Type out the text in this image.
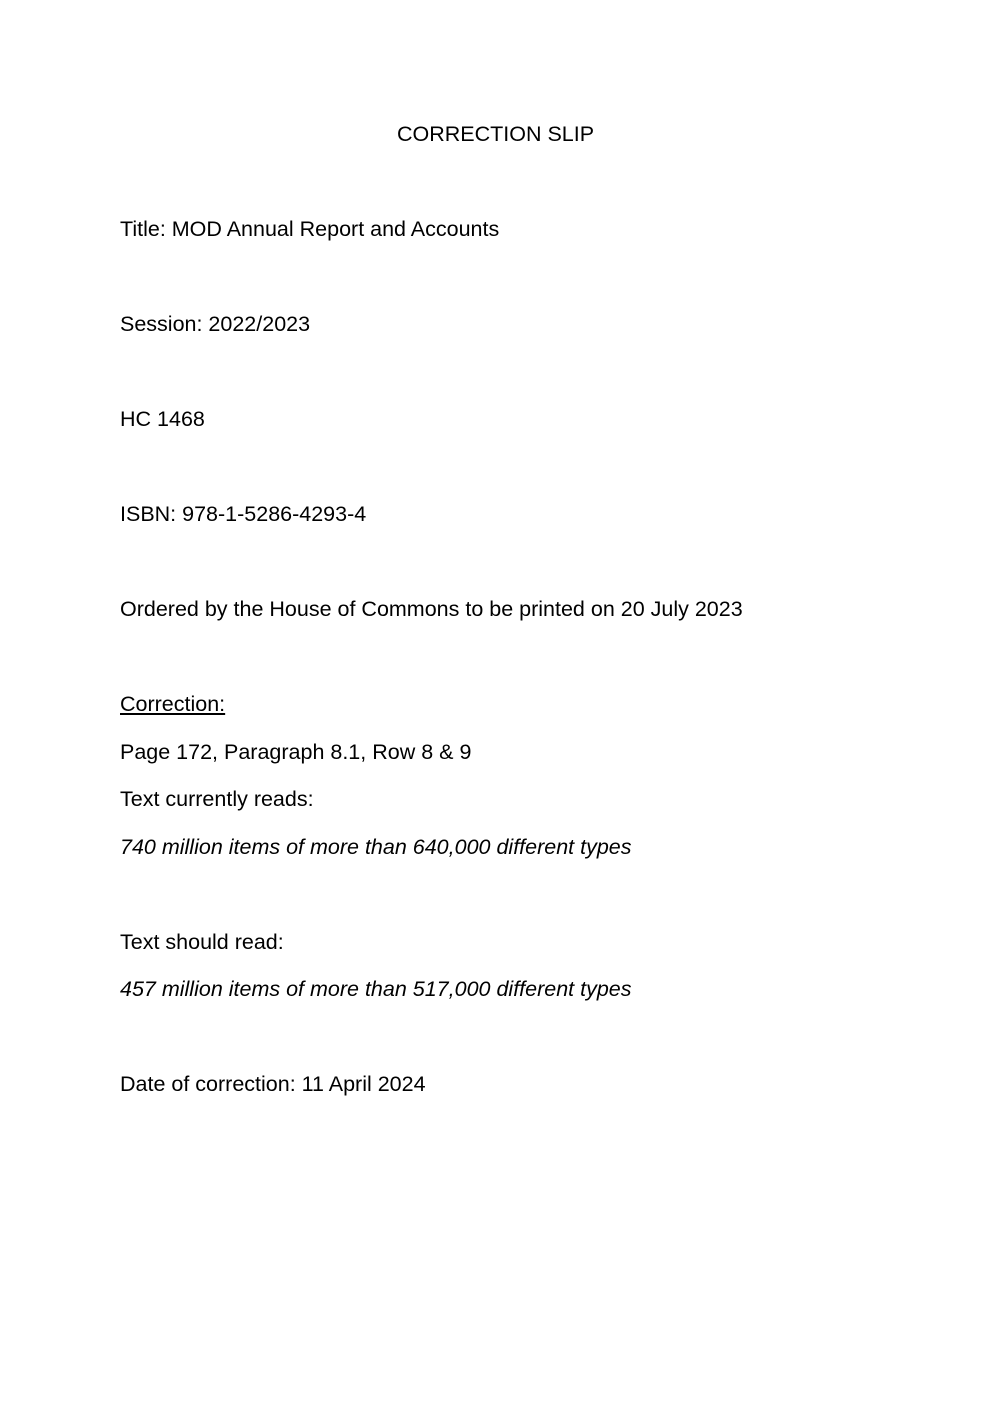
CORRECTION SLIP
Title: MOD Annual Report and Accounts
Session: 2022/2023
HC 1468
ISBN: 978-1-5286-4293-4
Ordered by the House of Commons to be printed on 20 July 2023
Correction:
Page 172, Paragraph 8.1, Row 8 & 9
Text currently reads:
740 million items of more than 640,000 different types
Text should read:
457 million items of more than 517,000 different types
Date of correction: 11 April 2024
